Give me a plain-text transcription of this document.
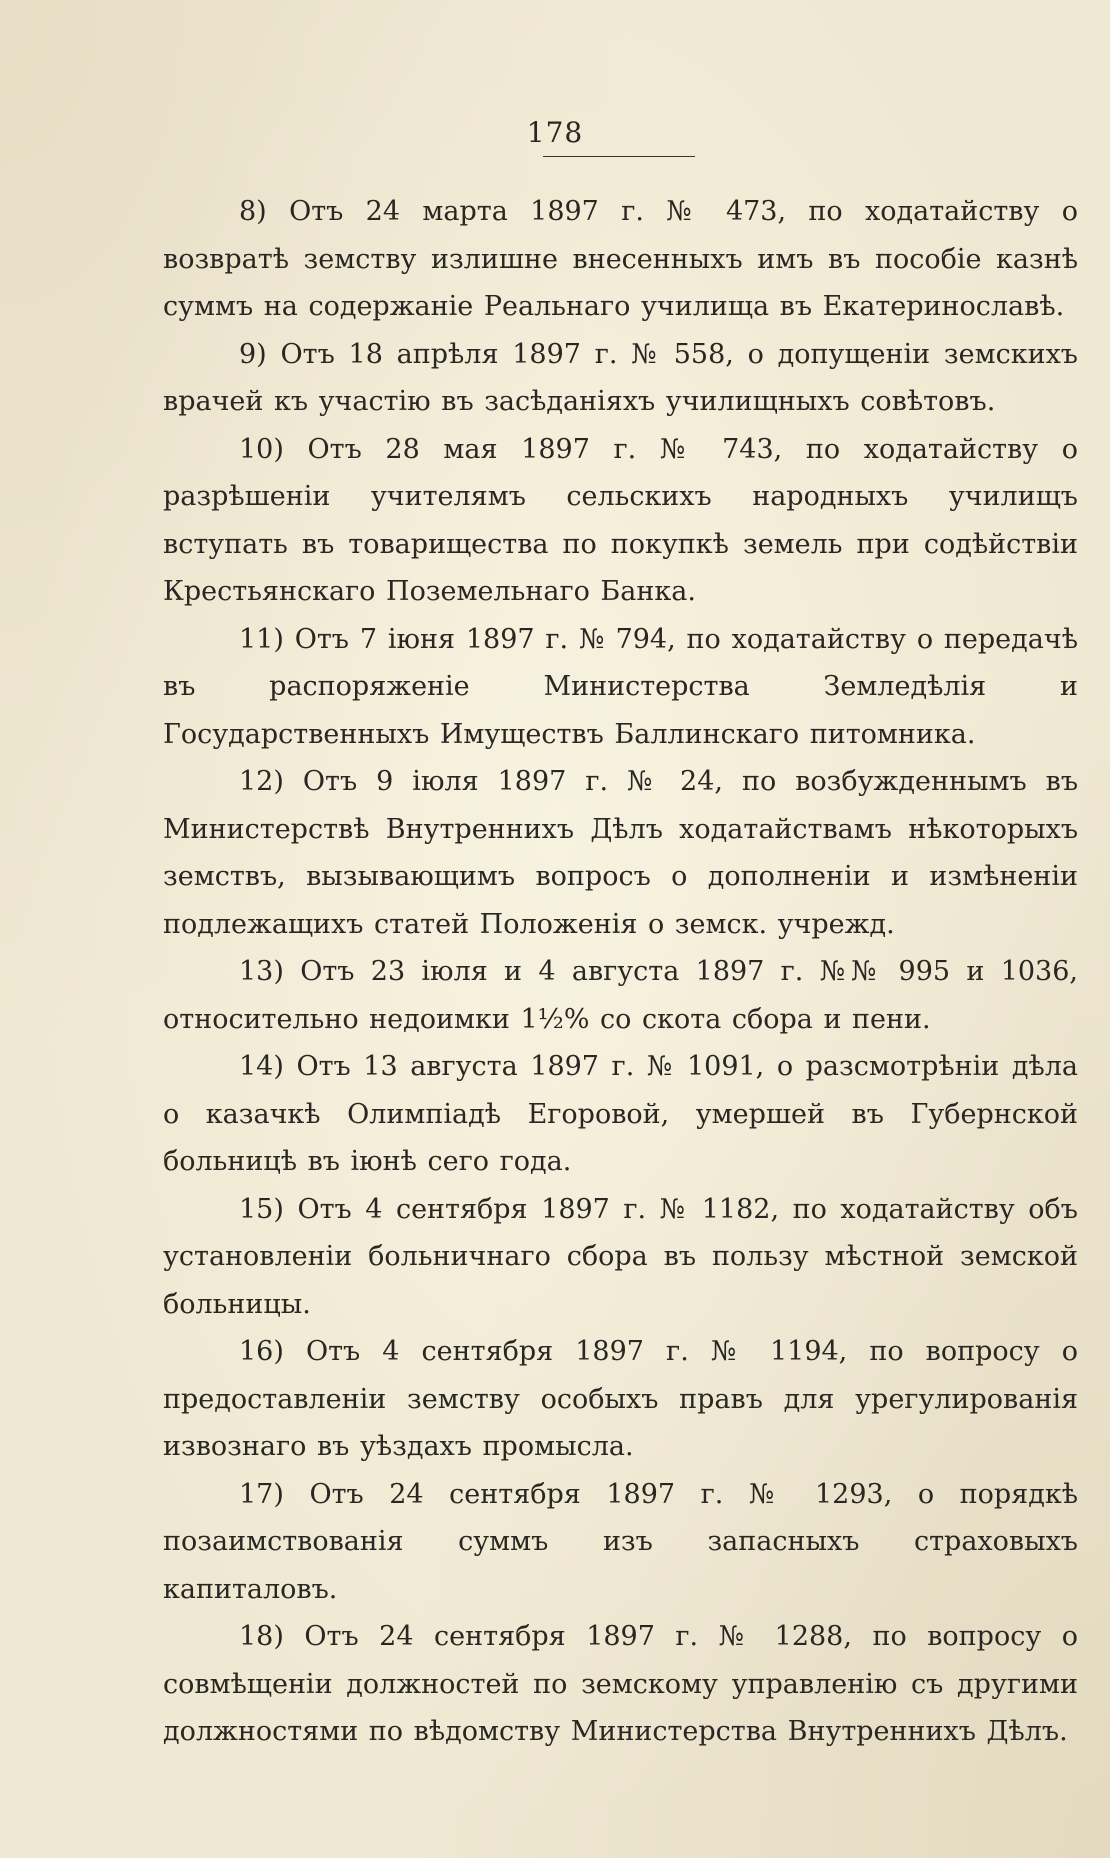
178

8) Отъ 24 марта 1897 г. № 473, по ходатайству о возвратѣ земству излишне внесенныхъ имъ въ пособіе казнѣ суммъ на содержаніе Реальнаго училища въ Екатеринославѣ.

9) Отъ 18 апрѣля 1897 г. № 558, о допущеніи земскихъ врачей къ участію въ засѣданіяхъ училищныхъ совѣтовъ.

10) Отъ 28 мая 1897 г. № 743, по ходатайству о разрѣшеніи учителямъ сельскихъ народныхъ училищъ вступать въ товарищества по покупкѣ земель при содѣйствіи Крестьянскаго Поземельнаго Банка.

11) Отъ 7 іюня 1897 г. № 794, по ходатайству о передачѣ въ распоряженіе Министерства Земледѣлія и Государственныхъ Имуществъ Баллинскаго питомника.

12) Отъ 9 іюля 1897 г. № 24, по возбужденнымъ въ Министерствѣ Внутреннихъ Дѣлъ ходатайствамъ нѣкоторыхъ земствъ, вызывающимъ вопросъ о дополненіи и измѣненіи подлежащихъ статей Положенія о земск. учрежд.

13) Отъ 23 іюля и 4 августа 1897 г. №№ 995 и 1036, относительно недоимки 1½% со скота сбора и пени.

14) Отъ 13 августа 1897 г. № 1091, о разсмотрѣніи дѣла о казачкѣ Олимпіадѣ Егоровой, умершей въ Губернской больницѣ въ іюнѣ сего года.

15) Отъ 4 сентября 1897 г. № 1182, по ходатайству объ установленіи больничнаго сбора въ пользу мѣстной земской больницы.

16) Отъ 4 сентября 1897 г. № 1194, по вопросу о предоставленіи земству особыхъ правъ для урегулированія извознаго въ уѣздахъ промысла.

17) Отъ 24 сентября 1897 г. № 1293, о порядкѣ позаимствованія суммъ изъ запасныхъ страховыхъ капиталовъ.

18) Отъ 24 сентября 1897 г. № 1288, по вопросу о совмѣщеніи должностей по земскому управленію съ другими должностями по вѣдомству Министерства Внутреннихъ Дѣлъ.
